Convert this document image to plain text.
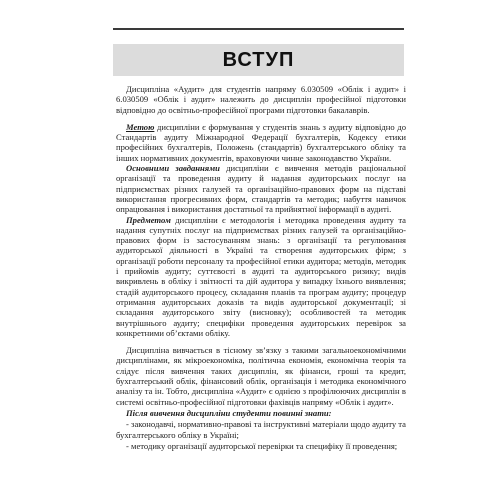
ВСТУП

Дисципліна «Аудит» для студентів напряму 6.030509 «Облік і аудит» і 6.030509 «Облік і аудит» належить до дисциплін професійної підготовки відповідно до освітньо-професійної програми підготовки бакалаврів.

Метою дисципліни є формування у студентів знань з аудиту відповідно до Стандартів аудиту Міжнародної Федерації бухгалтерів, Кодексу етики професійних бухгалтерів, Положень (стандартів) бухгалтерського обліку та інших нормативних документів, враховуючи чинне законодавство України.

Основними завданнями дисципліни є вивчення методів раціональної організації та проведення аудиту й надання аудиторських послуг на підприємствах різних галузей та організаційно-правових форм на підставі використання прогресивних форм, стандартів та методик; набуття навичок опрацювання і використання достатньої та прийнятної інформації в аудиті.

Предметом дисципліни є методологія і методика проведення аудиту та надання супутніх послуг на підприємствах різних галузей та організаційно-правових форм із застосуванням знань: з організації та регулювання аудиторської діяльності в Україні та створення аудиторських фірм; з організації роботи персоналу та професійної етики аудитора; методів, методик і прийомів аудиту; суттєвості в аудиті та аудиторського ризику; видів викривлень в обліку і звітності та дій аудитора у випадку їхнього виявлення; стадій аудиторського процесу, складання планів та програм аудиту; процедур отримання аудиторських доказів та видів аудиторської документації; зі складання аудиторського звіту (висновку); особливостей та методик внутрішнього аудиту; специфіки проведення аудиторських перевірок за конкретними об’єктами обліку.

Дисципліна вивчається в тісному зв’язку з такими загальноекономічними дисциплінами, як мікроекономіка, політична економія, економічна теорія та слідує після вивчення таких дисциплін, як фінанси, гроші та кредит, бухгалтерський облік, фінансовий облік, організація і методика економічного аналізу та ін. Тобто, дисципліна «Аудит» є однією з профілюючих дисциплін в системі освітньо-професійної підготовки фахівців напряму «Облік і аудит».

Після вивчення дисципліни студенти повинні знати:

- законодавчі, нормативно-правові та інструктивні матеріали щодо аудиту та бухгалтерського обліку в Україні;

- методику організації аудиторської перевірки та специфіку її проведення;
